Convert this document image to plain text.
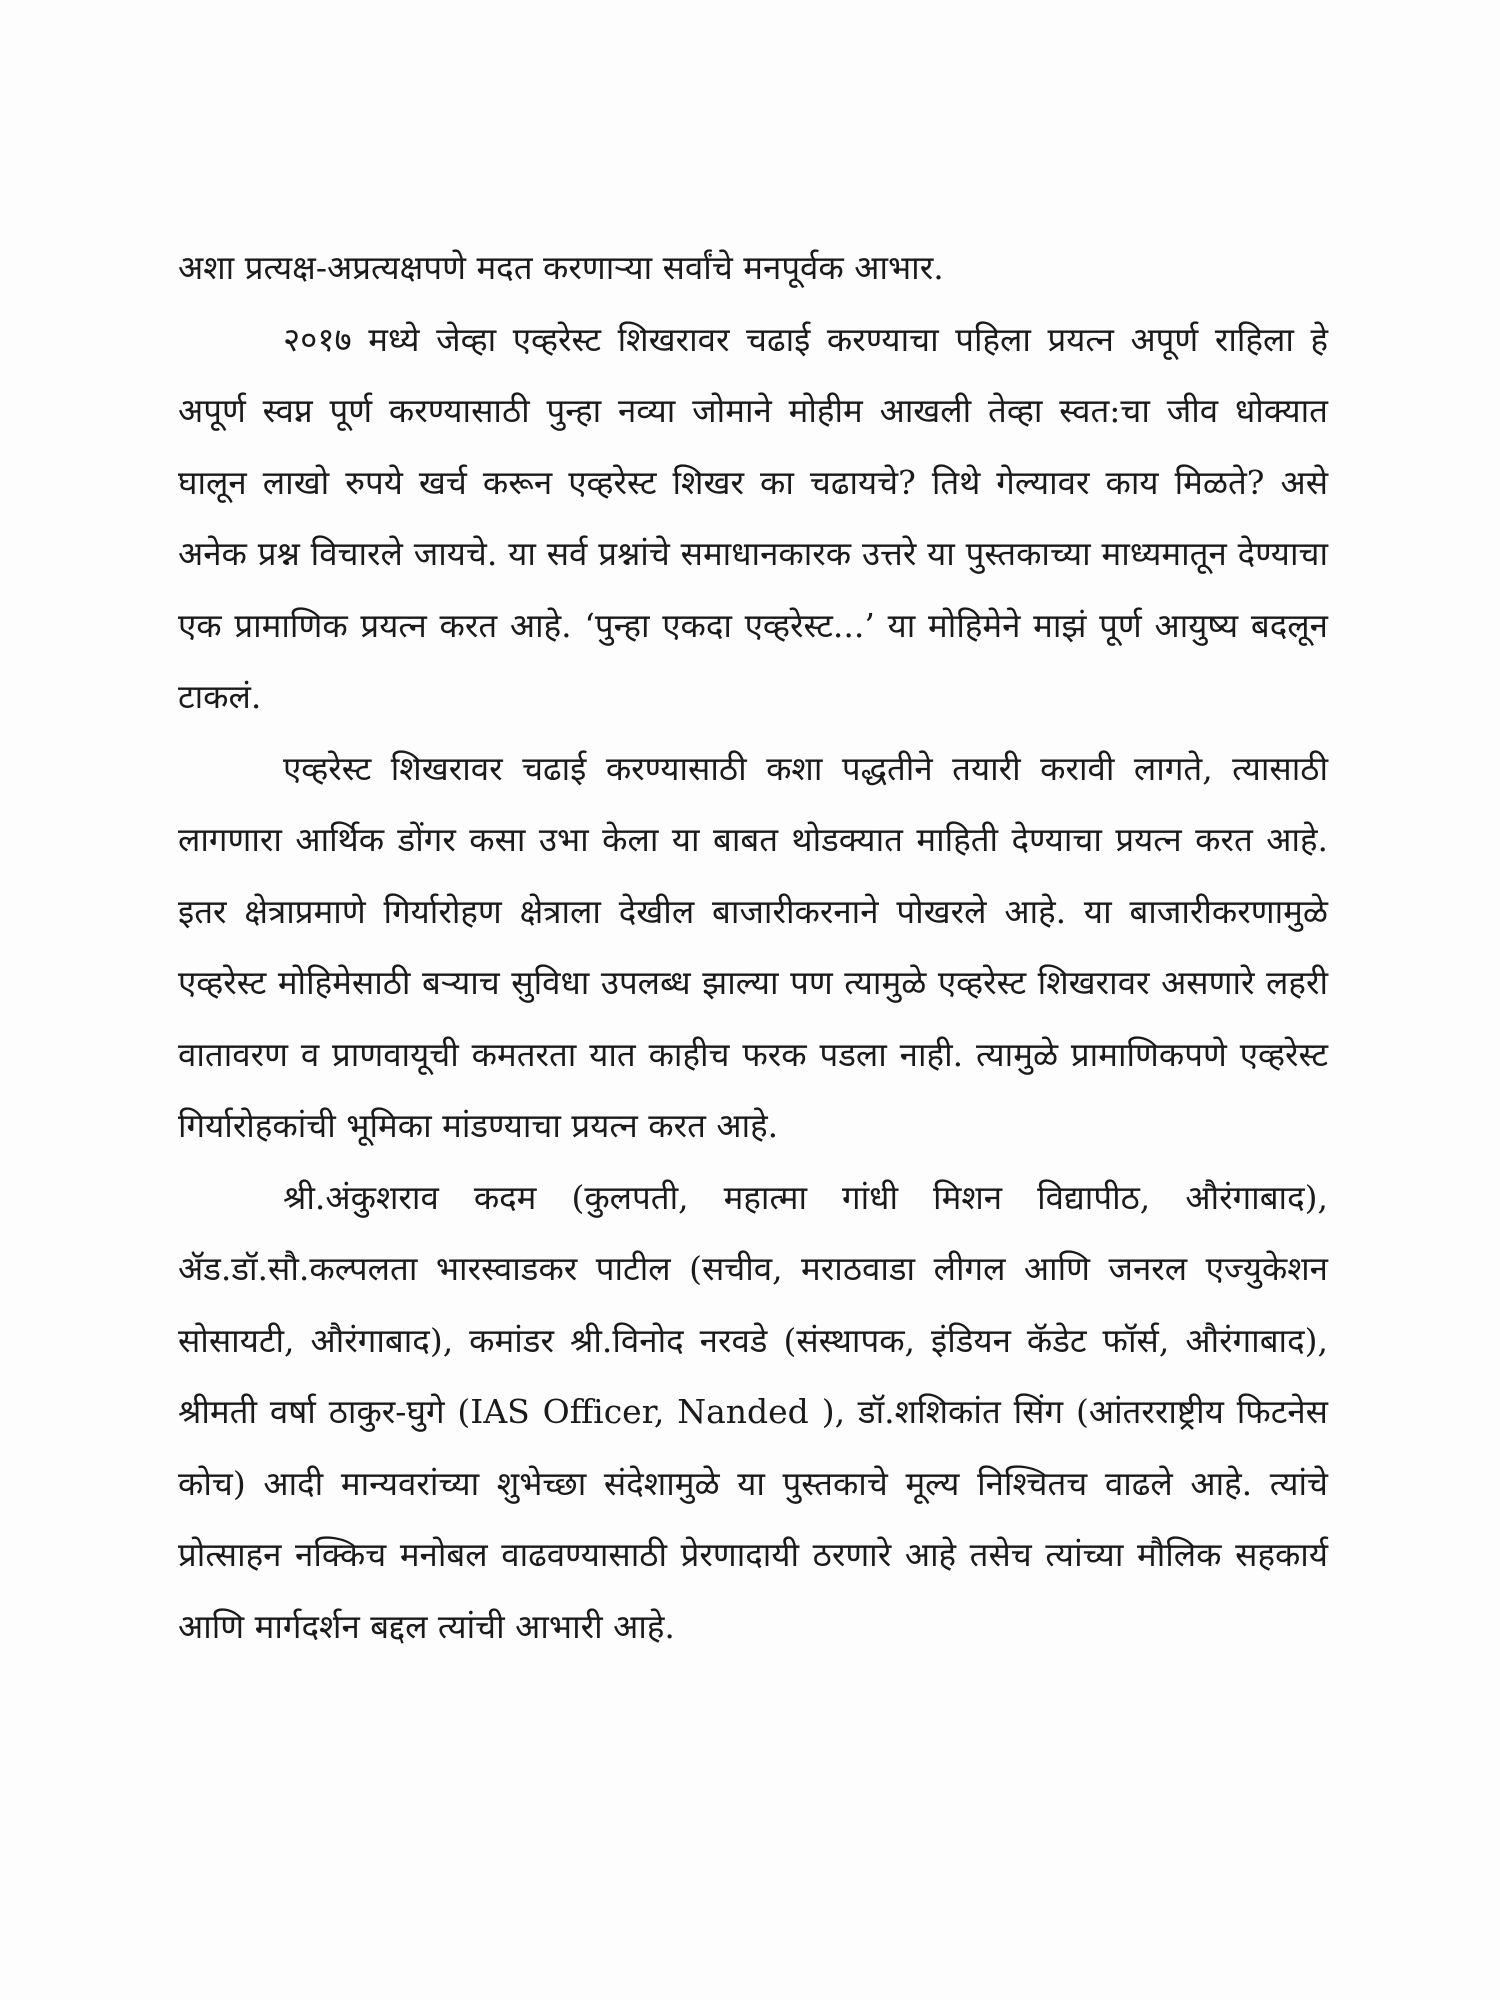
अशा प्रत्यक्ष-अप्रत्यक्षपणे मदत करणाऱ्या सर्वांचे मनपूर्वक आभार.

२०१७ मध्ये जेव्हा एव्हरेस्ट शिखरावर चढाई करण्याचा पहिला प्रयत्न अपूर्ण राहिला हे अपूर्ण स्वप्न पूर्ण करण्यासाठी पुन्हा नव्या जोमाने मोहीम आखली तेव्हा स्वत:चा जीव धोक्यात घालून लाखो रुपये खर्च करून एव्हरेस्ट शिखर का चढायचे? तिथे गेल्यावर काय मिळते? असे अनेक प्रश्न विचारले जायचे. या सर्व प्रश्नांचे समाधानकारक उत्तरे या पुस्तकाच्या माध्यमातून देण्याचा एक प्रामाणिक प्रयत्न करत आहे. ‘पुन्हा एकदा एव्हरेस्ट...’ या मोहिमेने माझं पूर्ण आयुष्य बदलून टाकलं.

एव्हरेस्ट शिखरावर चढाई करण्यासाठी कशा पद्धतीने तयारी करावी लागते, त्यासाठी लागणारा आर्थिक डोंगर कसा उभा केला या बाबत थोडक्यात माहिती देण्याचा प्रयत्न करत आहे. इतर क्षेत्राप्रमाणे गिर्यारोहण क्षेत्राला देखील बाजारीकरनाने पोखरले आहे. या बाजारीकरणामुळे एव्हरेस्ट मोहिमेसाठी बऱ्याच सुविधा उपलब्ध झाल्या पण त्यामुळे एव्हरेस्ट शिखरावर असणारे लहरी वातावरण व प्राणवायूची कमतरता यात काहीच फरक पडला नाही. त्यामुळे प्रामाणिकपणे एव्हरेस्ट गिर्यारोहकांची भूमिका मांडण्याचा प्रयत्न करत आहे.

श्री.अंकुशराव कदम (कुलपती, महात्मा गांधी मिशन विद्यापीठ, औरंगाबाद), ॲड.डॉ.सौ.कल्पलता भारस्वाडकर पाटील (सचीव, मराठवाडा लीगल आणि जनरल एज्युकेशन सोसायटी, औरंगाबाद), कमांडर श्री.विनोद नरवडे (संस्थापक, इंडियन कॅडेट फॉर्स, औरंगाबाद), श्रीमती वर्षा ठाकुर-घुगे (IAS Officer, Nanded ), डॉ.शशिकांत सिंग (आंतरराष्ट्रीय फिटनेस कोच) आदी मान्यवरांच्या शुभेच्छा संदेशामुळे या पुस्तकाचे मूल्य निश्चितच वाढले आहे. त्यांचे प्रोत्साहन नक्किच मनोबल वाढवण्यासाठी प्रेरणादायी ठरणारे आहे तसेच त्यांच्या मौलिक सहकार्य आणि मार्गदर्शन बद्दल त्यांची आभारी आहे.
